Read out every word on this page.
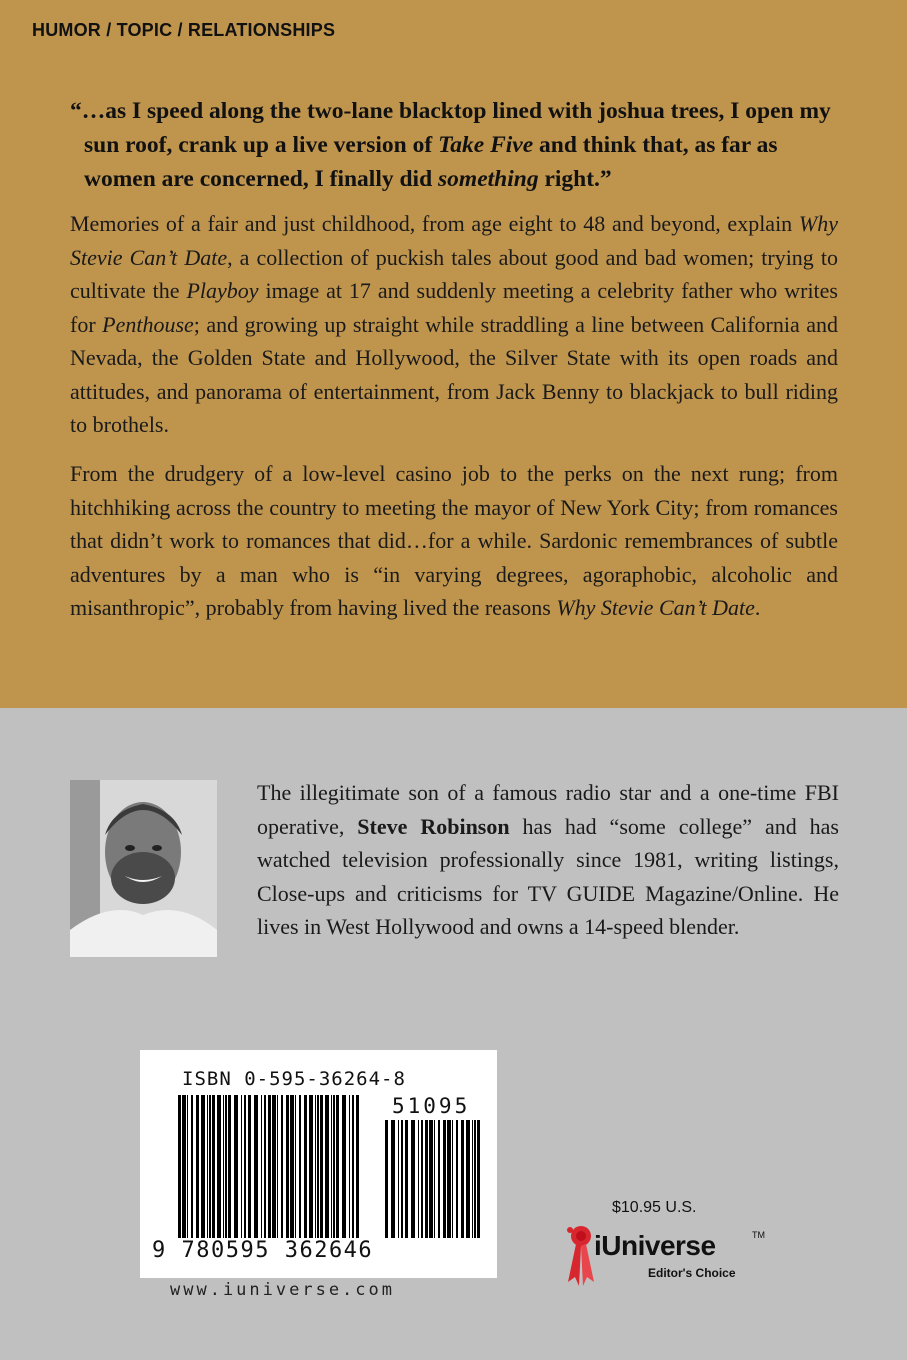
HUMOR / TOPIC / RELATIONSHIPS
“…as I speed along the two-lane blacktop lined with joshua trees, I open my sun roof, crank up a live version of Take Five and think that, as far as women are concerned, I finally did something right.”

Memories of a fair and just childhood, from age eight to 48 and beyond, explain Why Stevie Can’t Date, a collection of puckish tales about good and bad women; trying to cultivate the Playboy image at 17 and suddenly meeting a celebrity father who writes for Penthouse; and growing up straight while straddling a line between California and Nevada, the Golden State and Hollywood, the Silver State with its open roads and attitudes, and panorama of entertainment, from Jack Benny to blackjack to bull riding to brothels.

From the drudgery of a low-level casino job to the perks on the next rung; from hitchhiking across the country to meeting the mayor of New York City; from romances that didn’t work to romances that did…for a while. Sardonic remembrances of subtle adventures by a man who is “in varying degrees, agoraphobic, alcoholic and misanthropic”, probably from having lived the reasons Why Stevie Can’t Date.

The illegitimate son of a famous radio star and a one-time FBI operative, Steve Robinson has had “some college” and has watched television professionally since 1981, writing listings, Close-ups and criticisms for TV GUIDE Magazine/Online. He lives in West Hollywood and owns a 14-speed blender.

ISBN 0-595-36264-8
51095
9 780595 362646
www.iuniverse.com
$10.95 U.S.
iUniverse	TM
Editor's Choice
